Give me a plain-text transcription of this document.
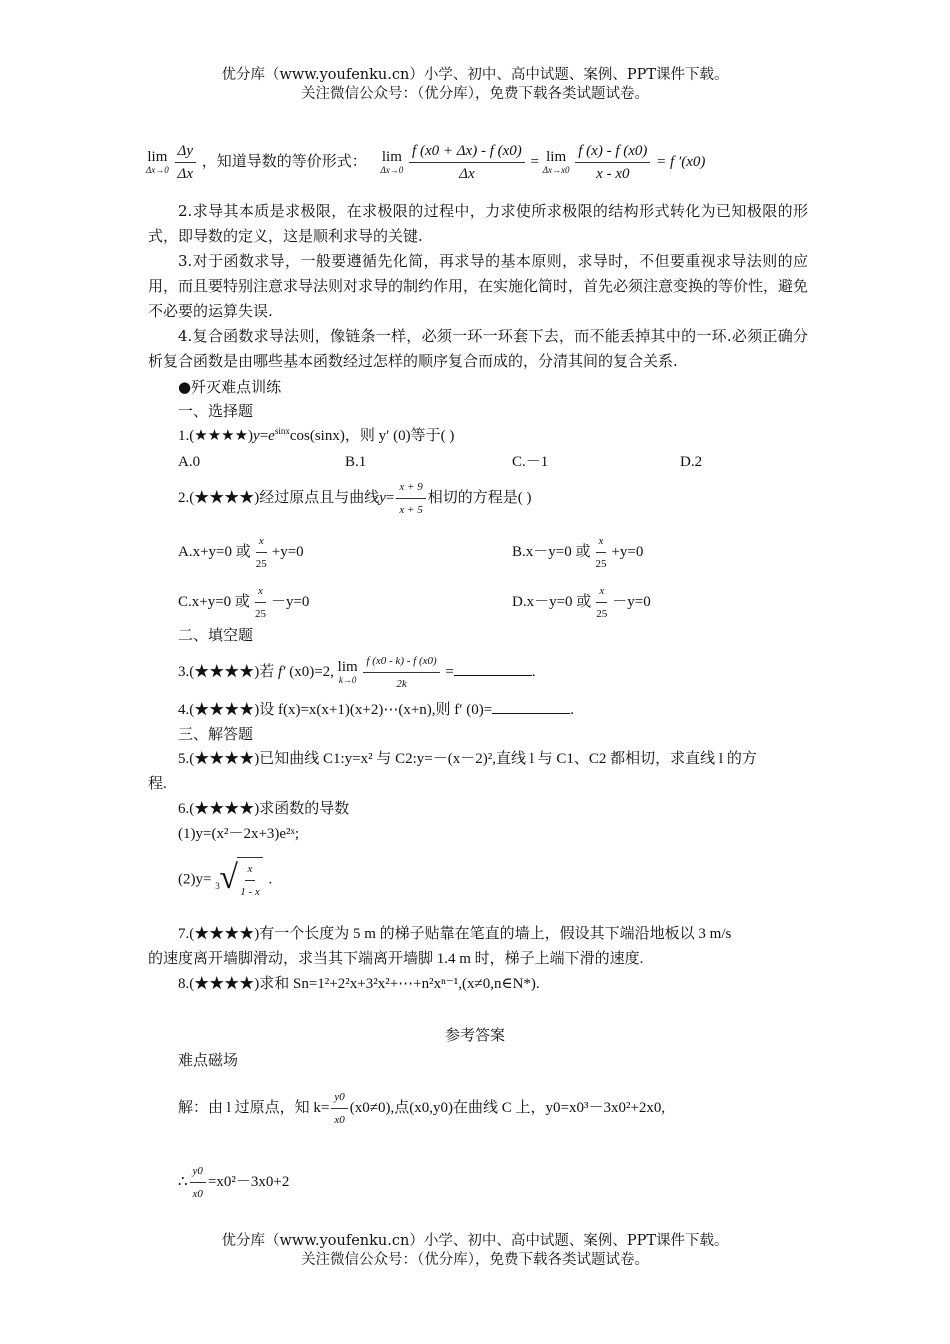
优分库（www.youfenku.cn）小学、初中、高中试题、案例、PPT课件下载。
关注微信公众号：（优分库），免费下载各类试题试卷。
lim
Δx→0
$\frac{\Delta y}{\Delta x}$ ，知道导数的等价形式： lim
Δx→0
$\frac{f (x0 + \Delta x) - f (x0)}{\Delta x} = \lim$
Δx→x0
$\frac{f (x) - f (x0)}{x - x0} = f$ ′(x0)
2.求导其本质是求极限，在求极限的过程中，力求使所求极限的结构形式转化为已知极限的形式，即导数的定义，这是顺利求导的关键.
3.对于函数求导，一般要遵循先化简，再求导的基本原则，求导时，不但要重视求导法则的应用，而且要特别注意求导法则对求导的制约作用，在实施化简时，首先必须注意变换的等价性，避免不必要的运算失误.
4.复合函数求导法则，像链条一样，必须一环一环套下去，而不能丢掉其中的一环.必须正确分析复合函数是由哪些基本函数经过怎样的顺序复合而成的，分清其间的复合关系.
●歼灭难点训练
一、选择题
$1.(★★★★)y=e^{sinx}\cos(\sin x)$，则 y′ (0)等于( )
A.0	B.1	C.－1	D.2
2.(★★★★)经过原点且与曲线$y= \frac{x + 9}{x + 5}$ 相切的方程是( )
A.x+y=0 或 $\frac{x}{25} +y=0$	B.x－y=0 或 $\frac{x}{25} +y=0$
C.x+y=0 或 $\frac{x}{25} -y=0$	D.x－y=0 或 $\frac{x}{25} -y=0$
二、填空题
3.(★★★★)若 f′ (x0)=2, lim
k→0
$\frac{f (x0 - k) - f (x0)}{2k}$ =	.
4.(★★★★)设 f(x)=x(x+1)(x+2)⋯(x+n),则 f′ (0)=	.
三、解答题
5.(★★★★)已知曲线 C1:y=x² 与 C2:y=－(x－2)²,直线 l 与 C1、C2 都相切，求直线 l 的方
程.
6.(★★★★)求函数的导数
(1)y=(x²－2x+3)e²ˣ;
(2)y= 3 √ $\frac{x}{1 - x}$ .
7.(★★★★)有一个长度为 5 m 的梯子贴靠在笔直的墙上，假设其下端沿地板以 3 m/s
的速度离开墙脚滑动，求当其下端离开墙脚 1.4 m 时，梯子上端下滑的速度.
8.(★★★★)求和 Sn=1²+2²x+3²x²+⋯+n²xⁿ⁻¹,(x≠0,n∈N*).
参考答案
难点磁场
解：由 l 过原点，知 $k= \frac{y0}{x0} (x0\ne 0)$,点(x0,y0)在曲线 C 上，y0=x0³－3x0²+2x0,
∴ $\frac{y0}{x0} =x0^2-3x0+2$
优分库（www.youfenku.cn）小学、初中、高中试题、案例、PPT课件下载。
关注微信公众号：（优分库），免费下载各类试题试卷。
